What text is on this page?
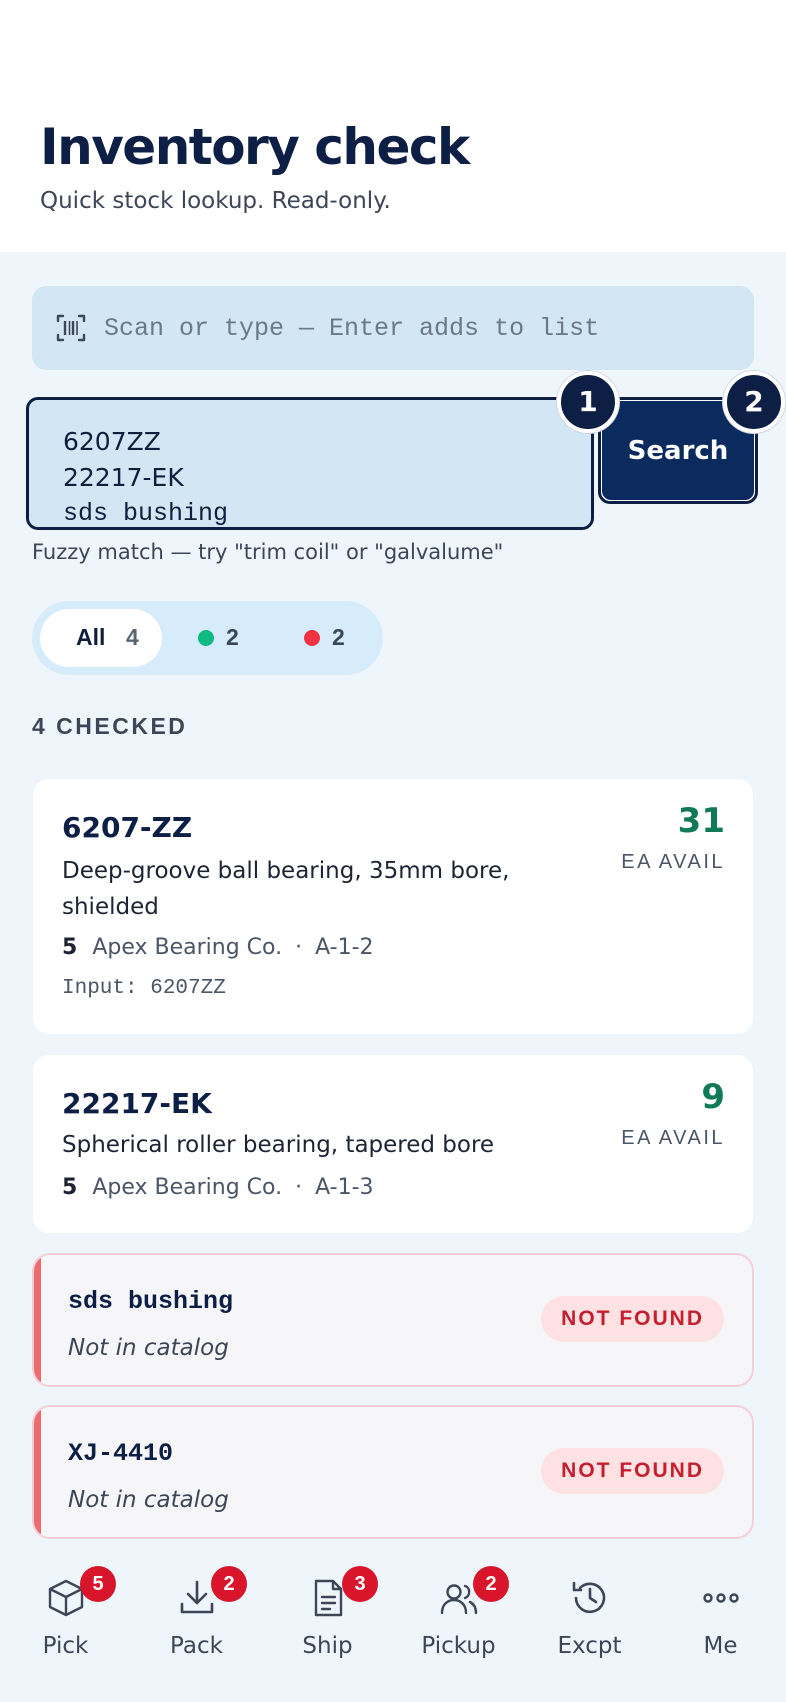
Inventory check
Quick stock lookup. Read-only.
Scan or type — Enter adds to list
6207ZZ
22217-EK
sds bushing
Search
1	2
Fuzzy match — try "trim coil" or "galvalume"
All 4	2	2
4 CHECKED
6207-ZZ
Deep-groove ball bearing, 35mm bore, shielded
5 Apex Bearing Co. · A-1-2
Input: 6207ZZ
31
EA AVAIL
22217-EK
Spherical roller bearing, tapered bore
5 Apex Bearing Co. · A-1-3
9
EA AVAIL
sds bushing
Not in catalog
NOT FOUND
XJ-4410
Not in catalog
NOT FOUND
5
Pick
2
Pack
3
Ship
2
Pickup	Excpt	Me
